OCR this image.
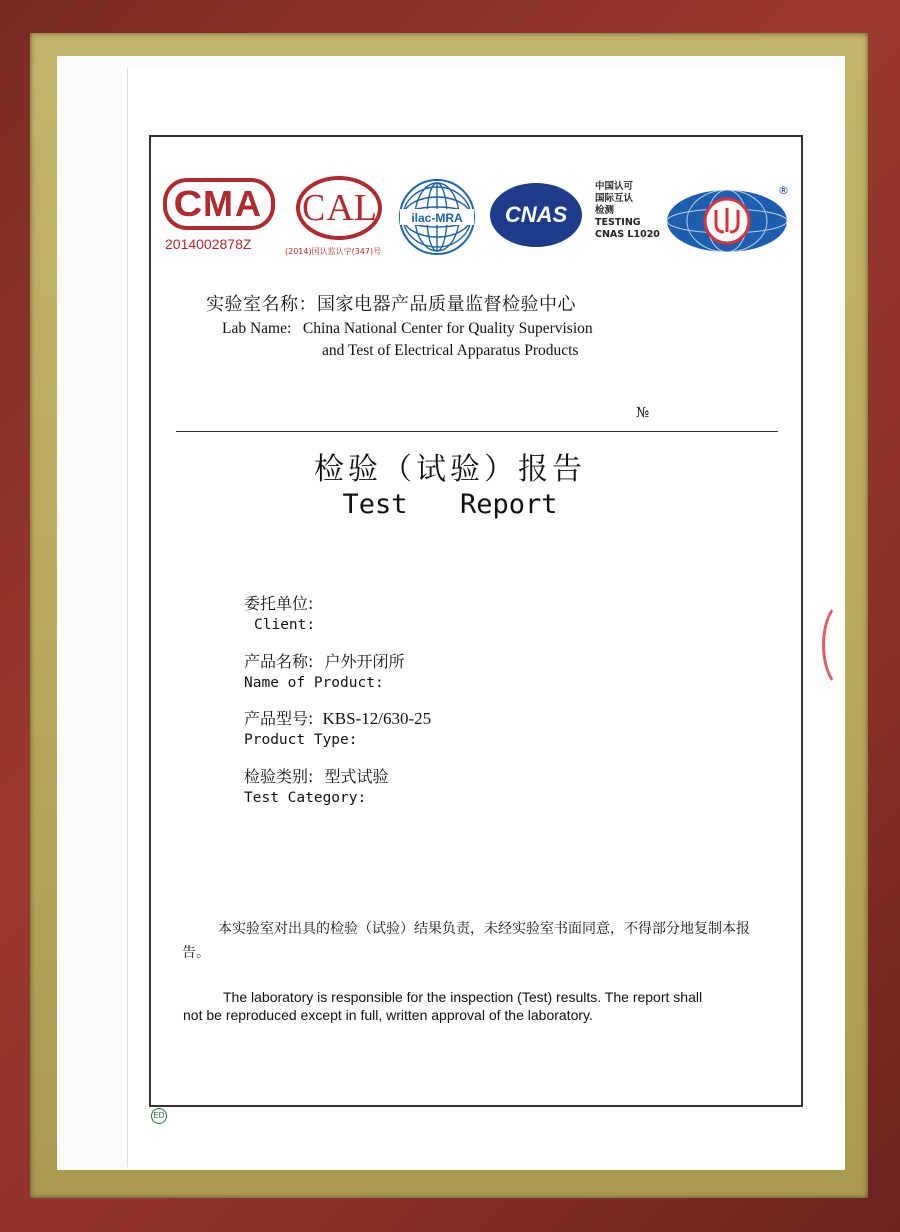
CMA
2014002878Z
CAL
(2014)国认监认字(347)号
ilac-MRA	CNAS
中国认可
国际互认
检测
TESTING
CNAS L1020
®
实验室名称：国家电器产品质量监督检验中心
Lab Name: China National Center for Quality Supervision
and Test of Electrical Apparatus Products
№
检验（试验）报告
Test  Report
委托单位:
Client:
产品名称: 户外开闭所
Name of Product:
产品型号: KBS-12/630-25
Product Type:
检验类别: 型式试验
Test Category:
本实验室对出具的检验（试验）结果负责，未经实验室书面同意，不得部分地复制本报告。
The laboratory is responsible for the inspection (Test) results. The report shall
not be reproduced except in full, written approval of the laboratory.
ED
